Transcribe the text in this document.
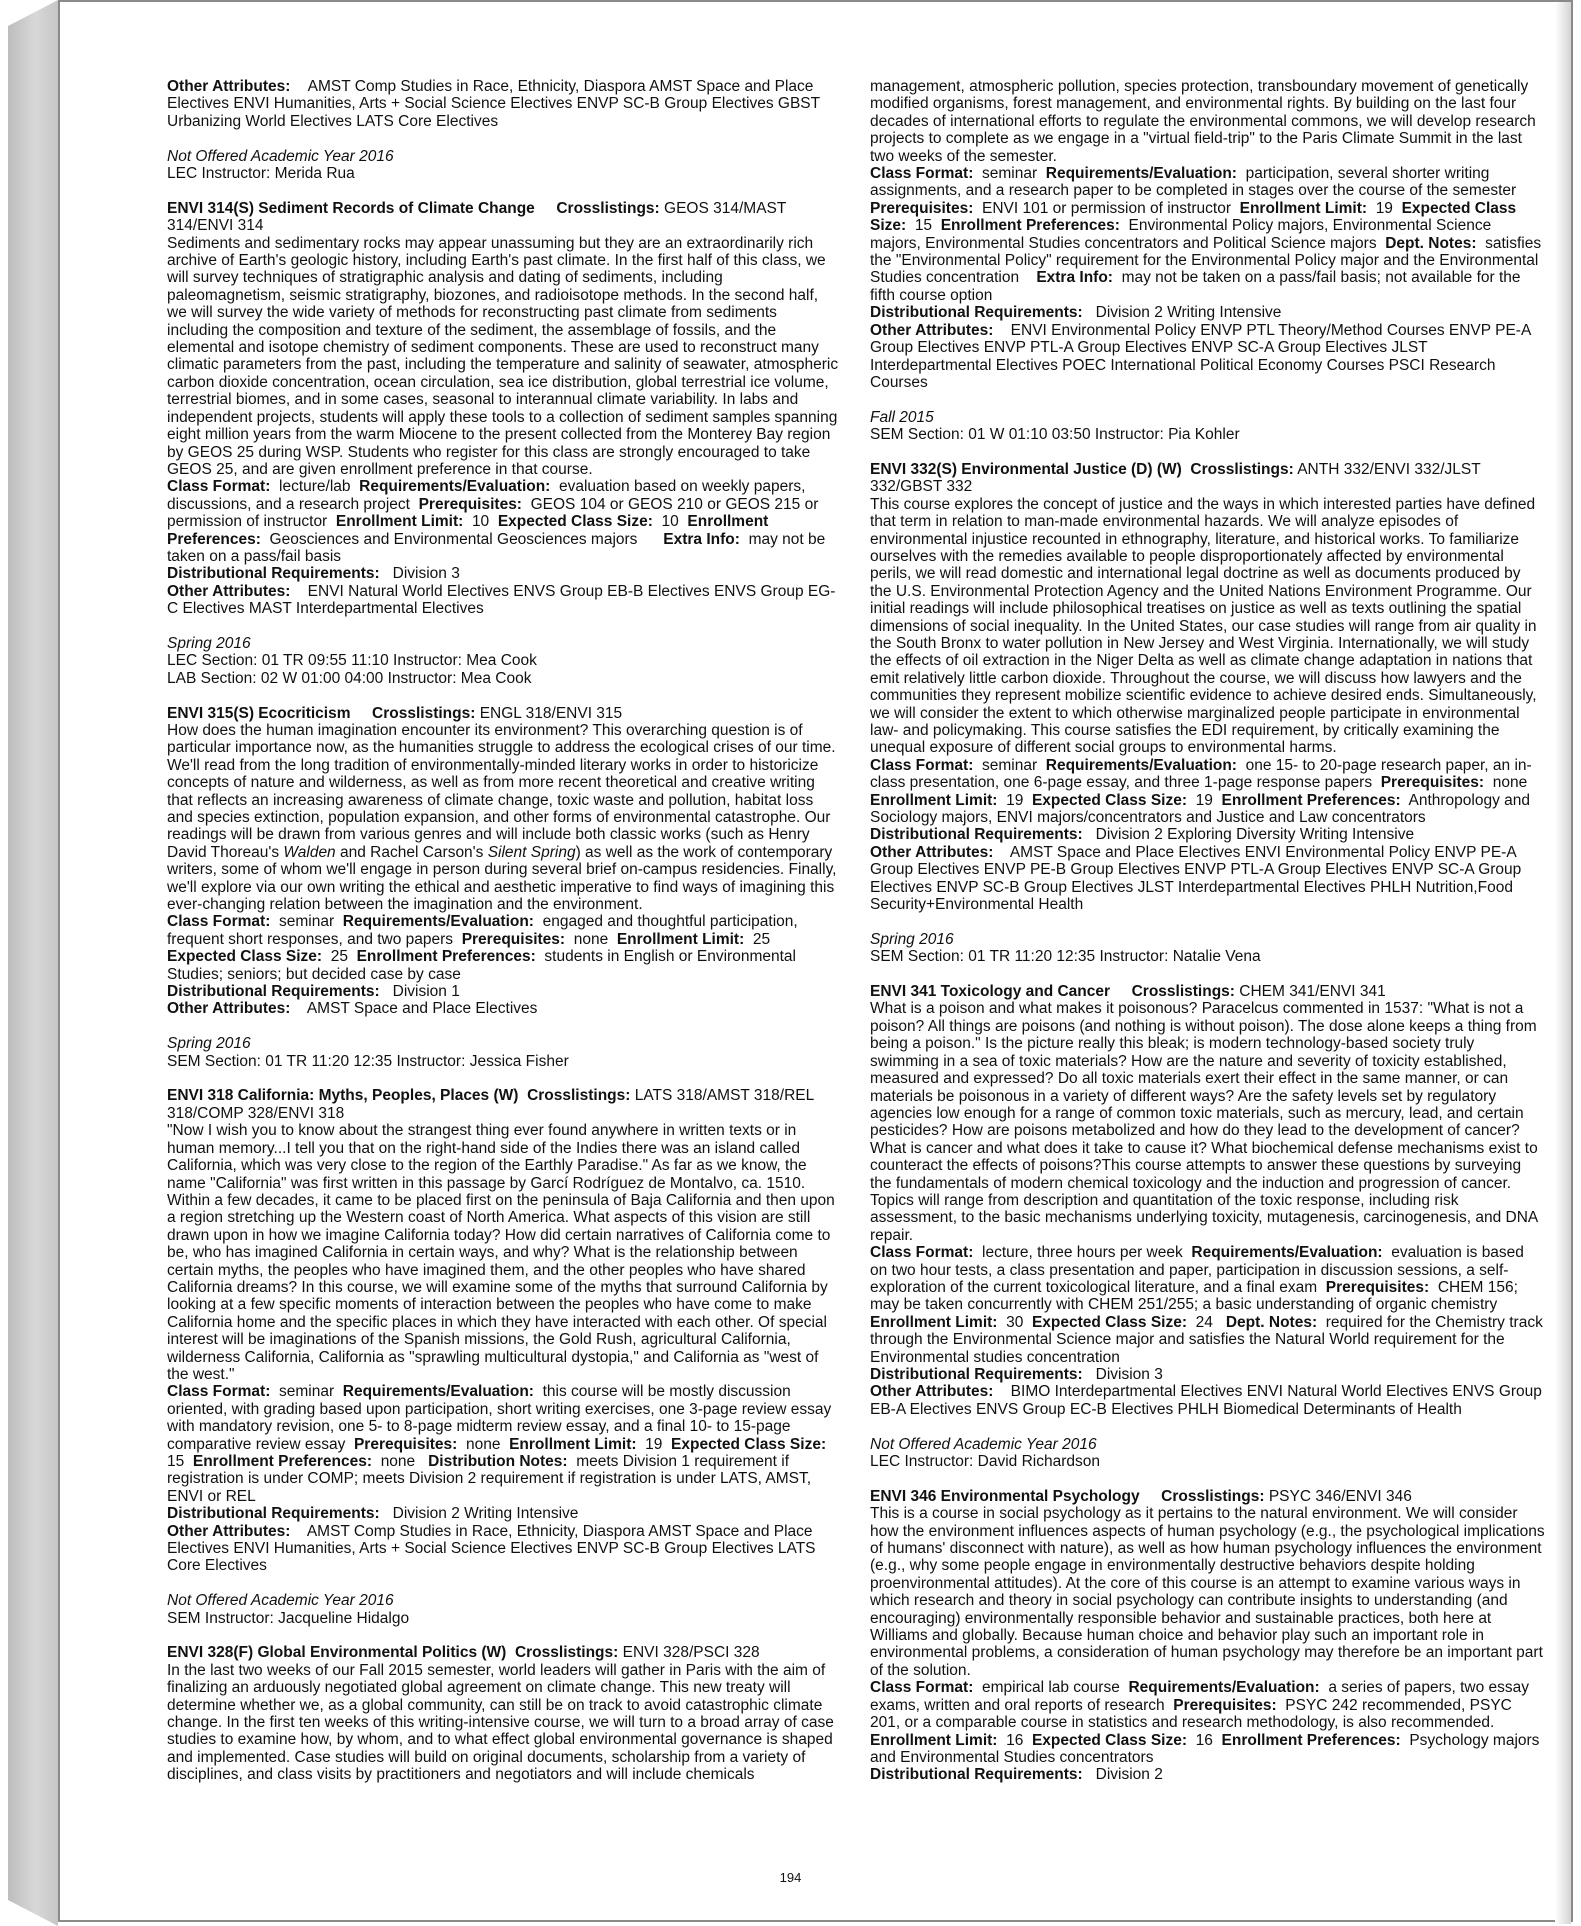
Other Attributes: AMST Comp Studies in Race, Ethnicity, Diaspora AMST Space and Place Electives ENVI Humanities, Arts + Social Science Electives ENVP SC-B Group Electives GBST Urbanizing World Electives LATS Core Electives

Not Offered Academic Year 2016

LEC Instructor: Merida Rua

ENVI 314(S) Sediment Records of Climate Change Crosslistings: GEOS 314/MAST 314/ENVI 314

Sediments and sedimentary rocks may appear unassuming but they are an extraordinarily rich archive of Earth's geologic history, including Earth's past climate. In the first half of this class, we will survey techniques of stratigraphic analysis and dating of sediments, including paleomagnetism, seismic stratigraphy, biozones, and radioisotope methods. In the second half, we will survey the wide variety of methods for reconstructing past climate from sediments including the composition and texture of the sediment, the assemblage of fossils, and the elemental and isotope chemistry of sediment components. These are used to reconstruct many climatic parameters from the past, including the temperature and salinity of seawater, atmospheric carbon dioxide concentration, ocean circulation, sea ice distribution, global terrestrial ice volume, terrestrial biomes, and in some cases, seasonal to interannual climate variability. In labs and independent projects, students will apply these tools to a collection of sediment samples spanning eight million years from the warm Miocene to the present collected from the Monterey Bay region by GEOS 25 during WSP. Students who register for this class are strongly encouraged to take GEOS 25, and are given enrollment preference in that course.

Class Format: lecture/lab Requirements/Evaluation: evaluation based on weekly papers, discussions, and a research project Prerequisites: GEOS 104 or GEOS 210 or GEOS 215 or permission of instructor Enrollment Limit: 10 Expected Class Size: 10 Enrollment Preferences: Geosciences and Environmental Geosciences majors Extra Info: may not be taken on a pass/fail basis

Distributional Requirements: Division 3

Other Attributes: ENVI Natural World Electives ENVS Group EB-B Electives ENVS Group EG-C Electives MAST Interdepartmental Electives

Spring 2016

LEC Section: 01 TR 09:55 11:10 Instructor: Mea Cook

LAB Section: 02 W 01:00 04:00 Instructor: Mea Cook

ENVI 315(S) Ecocriticism Crosslistings: ENGL 318/ENVI 315

How does the human imagination encounter its environment? This overarching question is of particular importance now, as the humanities struggle to address the ecological crises of our time. We'll read from the long tradition of environmentally-minded literary works in order to historicize concepts of nature and wilderness, as well as from more recent theoretical and creative writing that reflects an increasing awareness of climate change, toxic waste and pollution, habitat loss and species extinction, population expansion, and other forms of environmental catastrophe. Our readings will be drawn from various genres and will include both classic works (such as Henry David Thoreau's Walden and Rachel Carson's Silent Spring) as well as the work of contemporary writers, some of whom we'll engage in person during several brief on-campus residencies. Finally, we'll explore via our own writing the ethical and aesthetic imperative to find ways of imagining this ever-changing relation between the imagination and the environment.

Class Format: seminar Requirements/Evaluation: engaged and thoughtful participation, frequent short responses, and two papers Prerequisites: none Enrollment Limit: 25  Expected Class Size: 25 Enrollment Preferences: students in English or Environmental Studies; seniors; but decided case by case

Distributional Requirements: Division 1

Other Attributes: AMST Space and Place Electives

Spring 2016

SEM Section: 01 TR 11:20 12:35 Instructor: Jessica Fisher

ENVI 318 California: Myths, Peoples, Places (W) Crosslistings: LATS 318/AMST 318/REL 318/COMP 328/ENVI 318

"Now I wish you to know about the strangest thing ever found anywhere in written texts or in human memory...I tell you that on the right-hand side of the Indies there was an island called California, which was very close to the region of the Earthly Paradise." As far as we know, the name "California" was first written in this passage by Garcí Rodríguez de Montalvo, ca. 1510. Within a few decades, it came to be placed first on the peninsula of Baja California and then upon a region stretching up the Western coast of North America. What aspects of this vision are still drawn upon in how we imagine California today? How did certain narratives of California come to be, who has imagined California in certain ways, and why? What is the relationship between certain myths, the peoples who have imagined them, and the other peoples who have shared California dreams? In this course, we will examine some of the myths that surround California by looking at a few specific moments of interaction between the peoples who have come to make California home and the specific places in which they have interacted with each other. Of special interest will be imaginations of the Spanish missions, the Gold Rush, agricultural California, wilderness California, California as "sprawling multicultural dystopia," and California as "west of the west."

Class Format: seminar Requirements/Evaluation: this course will be mostly discussion oriented, with grading based upon participation, short writing exercises, one 3-page review essay with mandatory revision, one 5- to 8-page midterm review essay, and a final 10- to 15-page comparative review essay Prerequisites: none Enrollment Limit: 19 Expected Class Size:  15 Enrollment Preferences: none Distribution Notes: meets Division 1 requirement if registration is under COMP; meets Division 2 requirement if registration is under LATS, AMST, ENVI or REL

Distributional Requirements: Division 2 Writing Intensive

Other Attributes: AMST Comp Studies in Race, Ethnicity, Diaspora AMST Space and Place Electives ENVI Humanities, Arts + Social Science Electives ENVP SC-B Group Electives LATS Core Electives

Not Offered Academic Year 2016

SEM Instructor: Jacqueline Hidalgo

ENVI 328(F) Global Environmental Politics (W) Crosslistings: ENVI 328/PSCI 328

In the last two weeks of our Fall 2015 semester, world leaders will gather in Paris with the aim of finalizing an arduously negotiated global agreement on climate change. This new treaty will determine whether we, as a global community, can still be on track to avoid catastrophic climate change. In the first ten weeks of this writing-intensive course, we will turn to a broad array of case studies to examine how, by whom, and to what effect global environmental governance is shaped and implemented. Case studies will build on original documents, scholarship from a variety of disciplines, and class visits by practitioners and negotiators and will include chemicals

management, atmospheric pollution, species protection, transboundary movement of genetically modified organisms, forest management, and environmental rights. By building on the last four decades of international efforts to regulate the environmental commons, we will develop research projects to complete as we engage in a "virtual field-trip" to the Paris Climate Summit in the last two weeks of the semester.

Class Format: seminar Requirements/Evaluation: participation, several shorter writing assignments, and a research paper to be completed in stages over the course of the semester  Prerequisites: ENVI 101 or permission of instructor Enrollment Limit: 19 Expected Class Size: 15 Enrollment Preferences: Environmental Policy majors, Environmental Science majors, Environmental Studies concentrators and Political Science majors Dept. Notes: satisfies the "Environmental Policy" requirement for the Environmental Policy major and the Environmental Studies concentration Extra Info: may not be taken on a pass/fail basis; not available for the fifth course option

Distributional Requirements: Division 2 Writing Intensive

Other Attributes: ENVI Environmental Policy ENVP PTL Theory/Method Courses ENVP PE-A Group Electives ENVP PTL-A Group Electives ENVP SC-A Group Electives JLST Interdepartmental Electives POEC International Political Economy Courses PSCI Research Courses

Fall 2015

SEM Section: 01 W 01:10 03:50 Instructor: Pia Kohler

ENVI 332(S) Environmental Justice (D) (W) Crosslistings: ANTH 332/ENVI 332/JLST 332/GBST 332

This course explores the concept of justice and the ways in which interested parties have defined that term in relation to man-made environmental hazards. We will analyze episodes of environmental injustice recounted in ethnography, literature, and historical works. To familiarize ourselves with the remedies available to people disproportionately affected by environmental perils, we will read domestic and international legal doctrine as well as documents produced by the U.S. Environmental Protection Agency and the United Nations Environment Programme. Our initial readings will include philosophical treatises on justice as well as texts outlining the spatial dimensions of social inequality. In the United States, our case studies will range from air quality in the South Bronx to water pollution in New Jersey and West Virginia. Internationally, we will study the effects of oil extraction in the Niger Delta as well as climate change adaptation in nations that emit relatively little carbon dioxide. Throughout the course, we will discuss how lawyers and the communities they represent mobilize scientific evidence to achieve desired ends. Simultaneously, we will consider the extent to which otherwise marginalized people participate in environmental law- and policymaking. This course satisfies the EDI requirement, by critically examining the unequal exposure of different social groups to environmental harms.

Class Format: seminar Requirements/Evaluation: one 15- to 20-page research paper, an in-class presentation, one 6-page essay, and three 1-page response papers Prerequisites: none  Enrollment Limit: 19 Expected Class Size: 19 Enrollment Preferences: Anthropology and Sociology majors, ENVI majors/concentrators and Justice and Law concentrators

Distributional Requirements: Division 2 Exploring Diversity Writing Intensive

Other Attributes: AMST Space and Place Electives ENVI Environmental Policy ENVP PE-A Group Electives ENVP PE-B Group Electives ENVP PTL-A Group Electives ENVP SC-A Group Electives ENVP SC-B Group Electives JLST Interdepartmental Electives PHLH Nutrition,Food Security+Environmental Health

Spring 2016

SEM Section: 01 TR 11:20 12:35 Instructor: Natalie Vena

ENVI 341 Toxicology and Cancer Crosslistings: CHEM 341/ENVI 341

What is a poison and what makes it poisonous? Paracelcus commented in 1537: "What is not a poison? All things are poisons (and nothing is without poison). The dose alone keeps a thing from being a poison." Is the picture really this bleak; is modern technology-based society truly swimming in a sea of toxic materials? How are the nature and severity of toxicity established, measured and expressed? Do all toxic materials exert their effect in the same manner, or can materials be poisonous in a variety of different ways? Are the safety levels set by regulatory agencies low enough for a range of common toxic materials, such as mercury, lead, and certain pesticides? How are poisons metabolized and how do they lead to the development of cancer? What is cancer and what does it take to cause it? What biochemical defense mechanisms exist to counteract the effects of poisons?This course attempts to answer these questions by surveying the fundamentals of modern chemical toxicology and the induction and progression of cancer. Topics will range from description and quantitation of the toxic response, including risk assessment, to the basic mechanisms underlying toxicity, mutagenesis, carcinogenesis, and DNA repair.

Class Format: lecture, three hours per week Requirements/Evaluation: evaluation is based on two hour tests, a class presentation and paper, participation in discussion sessions, a self-exploration of the current toxicological literature, and a final exam Prerequisites: CHEM 156; may be taken concurrently with CHEM 251/255; a basic understanding of organic chemistry  Enrollment Limit: 30 Expected Class Size: 24 Dept. Notes: required for the Chemistry track through the Environmental Science major and satisfies the Natural World requirement for the Environmental studies concentration

Distributional Requirements: Division 3

Other Attributes: BIMO Interdepartmental Electives ENVI Natural World Electives ENVS Group EB-A Electives ENVS Group EC-B Electives PHLH Biomedical Determinants of Health

Not Offered Academic Year 2016

LEC Instructor: David Richardson

ENVI 346 Environmental Psychology Crosslistings: PSYC 346/ENVI 346

This is a course in social psychology as it pertains to the natural environment. We will consider how the environment influences aspects of human psychology (e.g., the psychological implications of humans' disconnect with nature), as well as how human psychology influences the environment (e.g., why some people engage in environmentally destructive behaviors despite holding proenvironmental attitudes). At the core of this course is an attempt to examine various ways in which research and theory in social psychology can contribute insights to understanding (and encouraging) environmentally responsible behavior and sustainable practices, both here at Williams and globally. Because human choice and behavior play such an important role in environmental problems, a consideration of human psychology may therefore be an important part of the solution.

Class Format: empirical lab course Requirements/Evaluation: a series of papers, two essay exams, written and oral reports of research Prerequisites: PSYC 242 recommended, PSYC 201, or a comparable course in statistics and research methodology, is also recommended.  Enrollment Limit: 16 Expected Class Size: 16 Enrollment Preferences: Psychology majors and Environmental Studies concentrators

Distributional Requirements: Division 2

194
